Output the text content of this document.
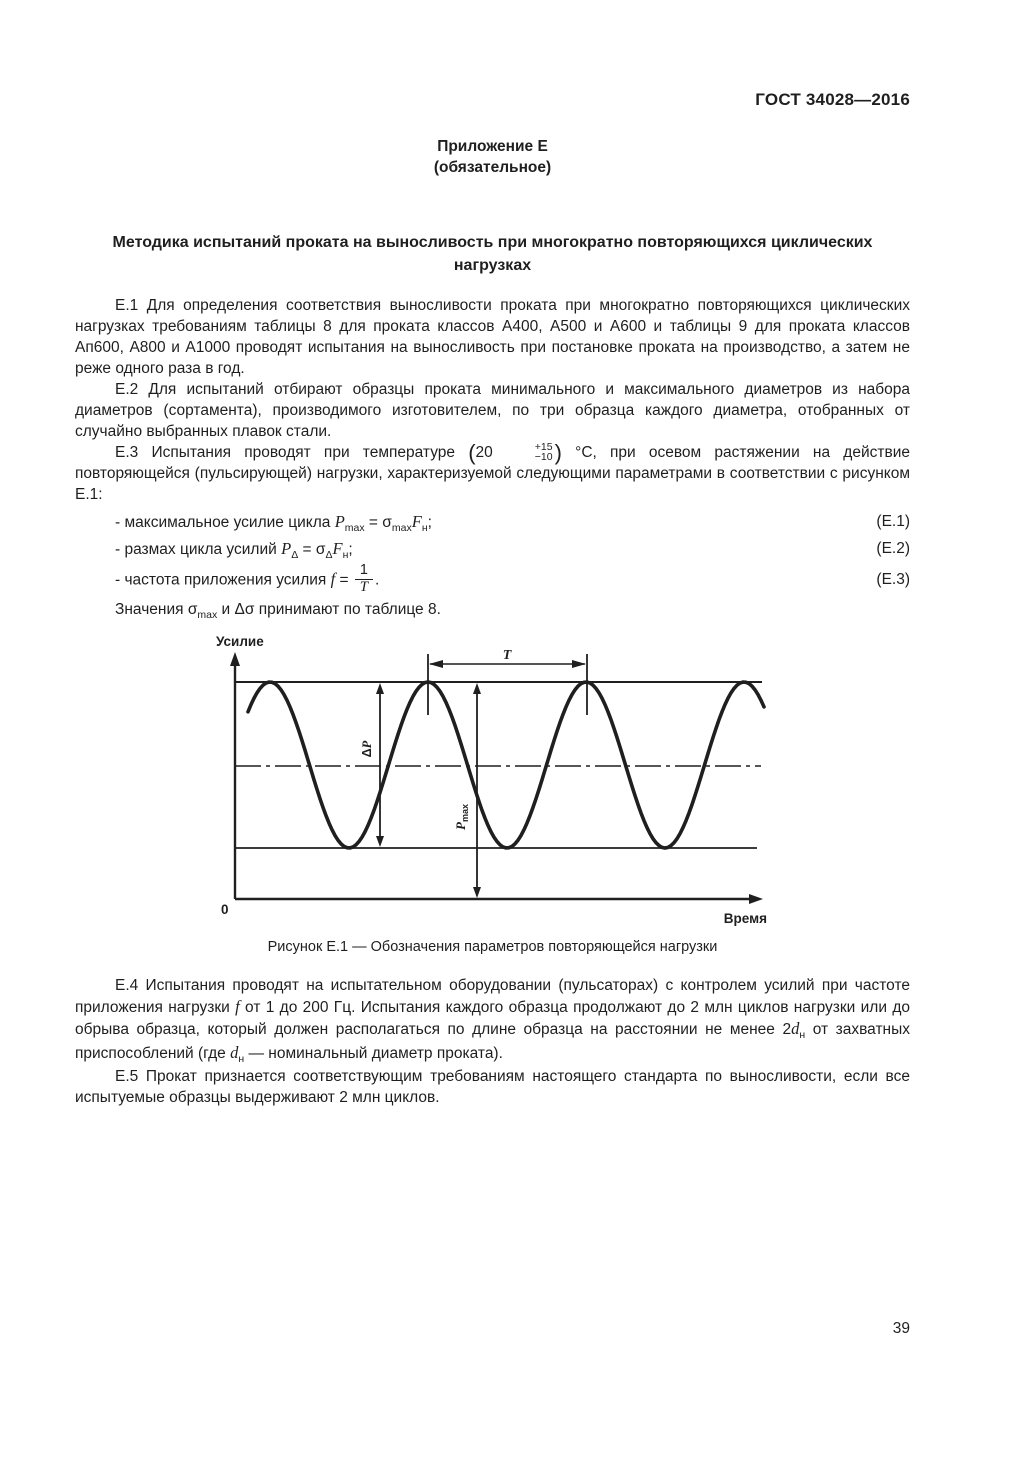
ГОСТ 34028—2016
Приложение Е
(обязательное)
Методика испытаний проката на выносливость при многократно повторяющихся циклических нагрузках

Е.1 Для определения соответствия выносливости проката при многократно повторяющихся циклических нагрузках требованиям таблицы 8 для проката классов А400, А500 и А600 и таблицы 9 для проката классов Ап600, А800 и А1000 проводят испытания на выносливость при постановке проката на производство, а затем не реже одного раза в год.

Е.2 Для испытаний отбирают образцы проката минимального и максимального диаметров из набора диаметров (сортамента), производимого изготовителем, по три образца каждого диаметра, отобранных от случайно выбранных плавок стали.

Е.3 Испытания проводят при температуре (20	+15
−10 ) °С, при осевом растяжении на действие повторяющейся (пульсирующей) нагрузки, характеризуемой следующими параметрами в соответствии с рисунком Е.1:

- максимальное усилие цикла $P_{max} = \sigma_{max}F_н$;	(Е.1)
- размах цикла усилий $P_\Delta = \sigma_\Delta F_н$;	(Е.2)
- частота приложения усилия $f = \frac{1}{T}$ .	(Е.3)
Значения $\sigma_{max}$ и Δσ принимают по таблице 8.
Усилие
0
Время
T
ΔP
$P_{max}$
Рисунок Е.1 — Обозначения параметров повторяющейся нагрузки

Е.4 Испытания проводят на испытательном оборудовании (пульсаторах) с контролем усилий при частоте приложения нагрузки f от 1 до 200 Гц. Испытания каждого образца продолжают до 2 млн циклов нагрузки или до обрыва образца, который должен располагаться по длине образца на расстоянии не менее $2d_н$ от захватных приспособлений (где $d_н$ — номинальный диаметр проката).

Е.5 Прокат признается соответствующим требованиям настоящего стандарта по выносливости, если все испытуемые образцы выдерживают 2 млн циклов.

39
